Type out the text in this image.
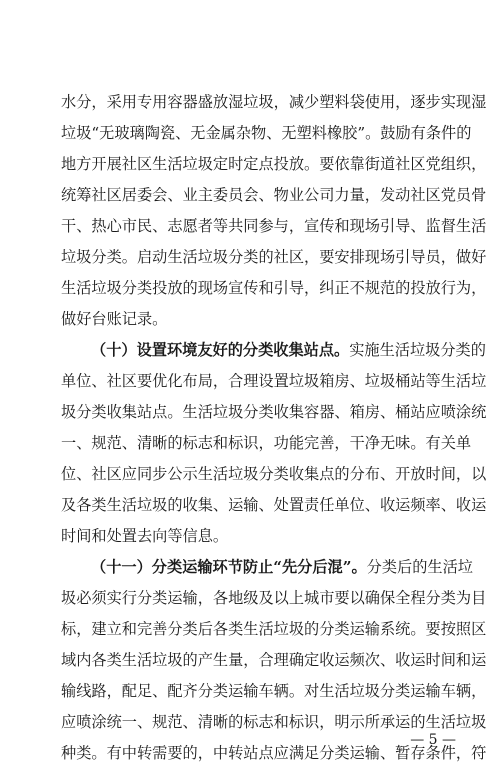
水分，采用专用容器盛放湿垃圾，减少塑料袋使用，逐步实现湿
垃圾“无玻璃陶瓷、无金属杂物、无塑料橡胶”。鼓励有条件的
地方开展社区生活垃圾定时定点投放。要依靠街道社区党组织，
统筹社区居委会、业主委员会、物业公司力量，发动社区党员骨
干、热心市民、志愿者等共同参与，宣传和现场引导、监督生活
垃圾分类。启动生活垃圾分类的社区，要安排现场引导员，做好
生活垃圾分类投放的现场宣传和引导，纠正不规范的投放行为，
做好台账记录。
（十）设置环境友好的分类收集站点。实施生活垃圾分类的
单位、社区要优化布局，合理设置垃圾箱房、垃圾桶站等生活垃
圾分类收集站点。生活垃圾分类收集容器、箱房、桶站应喷涂统
一、规范、清晰的标志和标识，功能完善，干净无味。有关单
位、社区应同步公示生活垃圾分类收集点的分布、开放时间，以
及各类生活垃圾的收集、运输、处置责任单位、收运频率、收运
时间和处置去向等信息。
（十一）分类运输环节防止“先分后混”。分类后的生活垃
圾必须实行分类运输，各地级及以上城市要以确保全程分类为目
标，建立和完善分类后各类生活垃圾的分类运输系统。要按照区
域内各类生活垃圾的产生量，合理确定收运频次、收运时间和运
输线路，配足、配齐分类运输车辆。对生活垃圾分类运输车辆，
应喷涂统一、规范、清晰的标志和标识，明示所承运的生活垃圾
种类。有中转需要的，中转站点应满足分类运输、暂存条件，符
— 5 —
